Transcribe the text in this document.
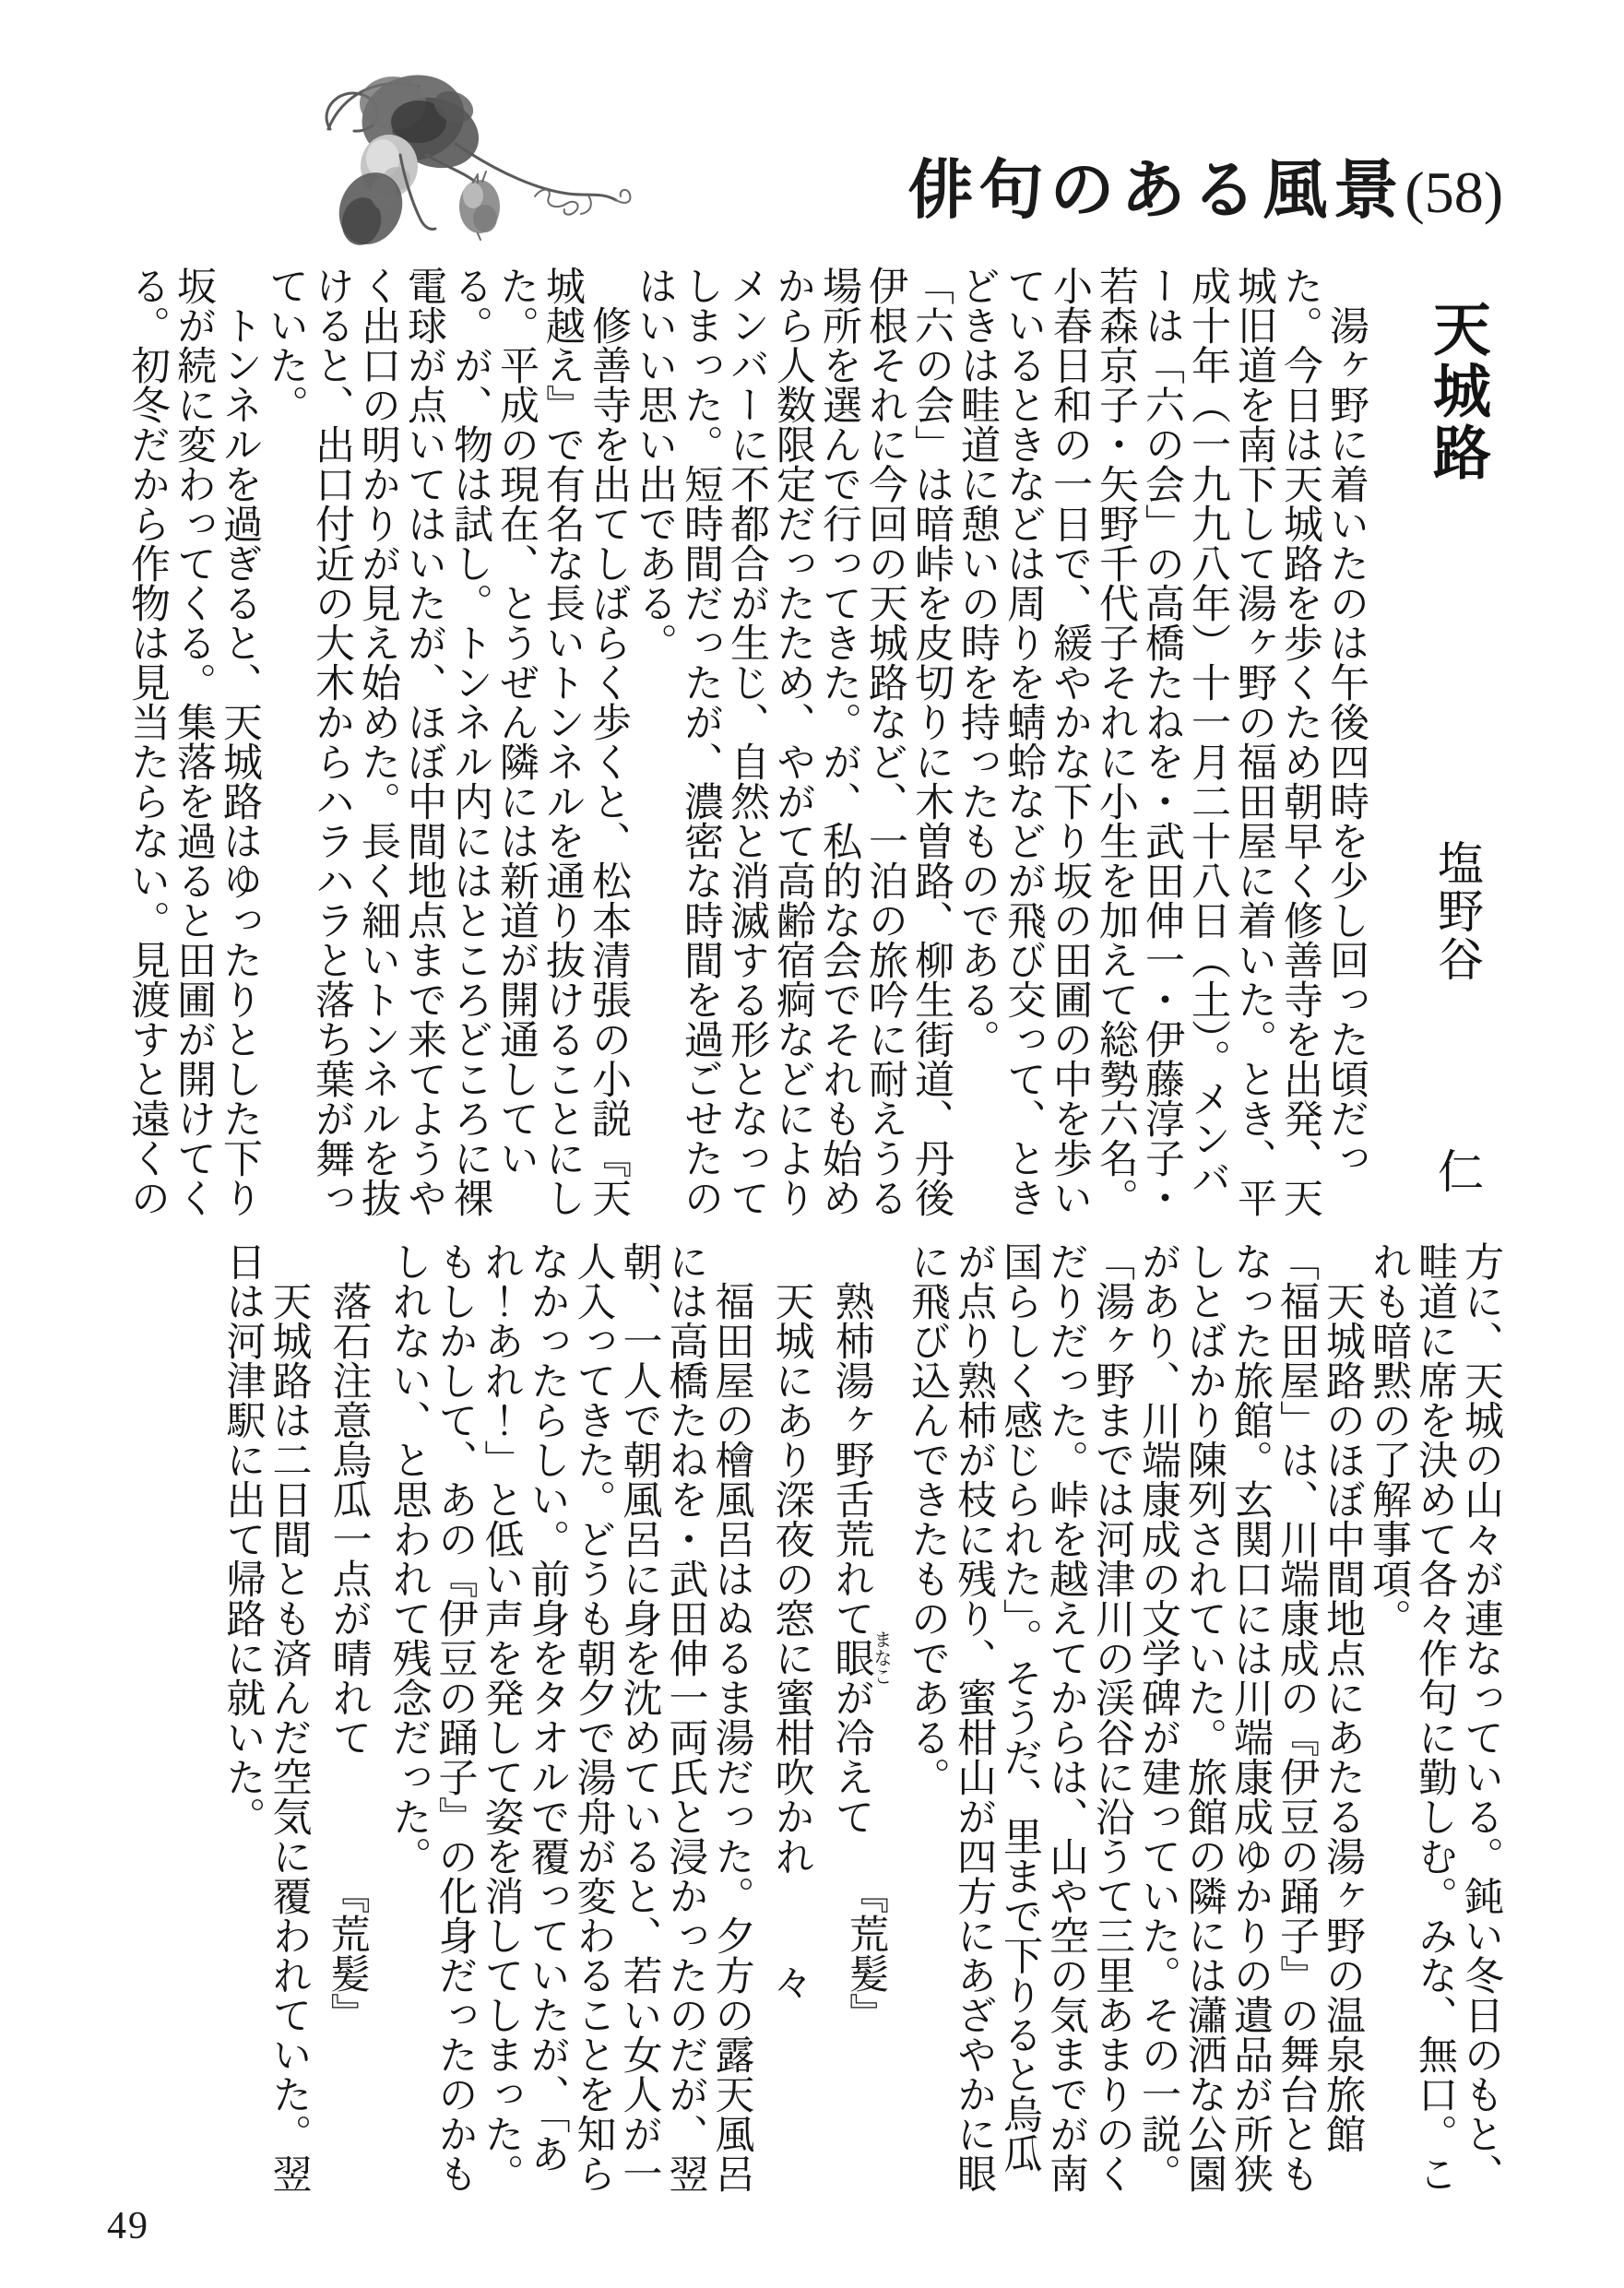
俳句のある風景(58)
天城路
塩野谷仁

　湯ヶ野に着いたのは午後四時を少し回った頃だった。今日は天城路を歩くため朝早く修善寺を出発、天城旧道を南下して湯ヶ野の福田屋に着いた。とき、平成十年（一九九八年）十一月二十八日（土）。メンバーは「六の会」の高橋たねを・武田伸一・伊藤淳子・若森京子・矢野千代子それに小生を加えて総勢六名。小春日和の一日で、緩やかな下り坂の田圃の中を歩いているときなどは周りを蜻蛉などが飛び交って、ときどきは畦道に憩いの時を持ったものである。

「六の会」は暗峠を皮切りに木曽路、柳生街道、丹後伊根それに今回の天城路など、一泊の旅吟に耐えうる場所を選んで行ってきた。が、私的な会でそれも始めから人数限定だったため、やがて高齢宿痾などによりメンバーに不都合が生じ、自然と消滅する形となってしまった。短時間だったが、濃密な時間を過ごせたのはいい思い出である。

　修善寺を出てしばらく歩くと、松本清張の小説『天城越え』で有名な長いトンネルを通り抜けることにした。平成の現在、とうぜん隣には新道が開通している。が、物は試し。トンネル内にはところどころに裸電球が点いてはいたが、ほぼ中間地点まで来てようやく出口の明かりが見え始めた。長く細いトンネルを抜けると、出口付近の大木からハラハラと落ち葉が舞っていた。

　トンネルを過ぎると、天城路はゆったりとした下り坂が続に変わってくる。集落を過ると田圃が開けてくる。初冬だから作物は見当たらない。見渡すと遠くの

方に、天城の山々が連なっている。鈍い冬日のもと、畦道に席を決めて各々作句に勤しむ。みな、無口。これも暗黙の了解事項。

　天城路のほぼ中間地点にあたる湯ヶ野の温泉旅館「福田屋」は、川端康成の『伊豆の踊子』の舞台ともなった旅館。玄関口には川端康成ゆかりの遺品が所狭しとばかり陳列されていた。旅館の隣には瀟洒な公園があり、川端康成の文学碑が建っていた。その一説。

「湯ヶ野までは河津川の渓谷に沿うて三里あまりのくだりだった。峠を越えてからは、山や空の気までが南国らしく感じられた」。そうだ、里まで下りると烏瓜が点り熟柿が枝に残り、蜜柑山が四方にあざやかに眼に飛び込んできたものである。

　熟柿湯ヶ野舌荒れて眼まなこが冷えて
『荒髪』
　天城にあり深夜の窓に蜜柑吹かれ
々

　福田屋の檜風呂はぬるま湯だった。夕方の露天風呂には高橋たねを・武田伸一両氏と浸かったのだが、翌朝、一人で朝風呂に身を沈めていると、若い女人が一人入ってきた。どうも朝夕で湯舟が変わることを知らなかったらしい。前身をタオルで覆っていたが、「あれ！あれ！」と低い声を発して姿を消してしまった。もしかして、あの『伊豆の踊子』の化身だったのかもしれない、と思われて残念だった。

　落石注意烏瓜一点が晴れて
『荒髪』

　天城路は二日間とも済んだ空気に覆われていた。翌日は河津駅に出て帰路に就いた。

49
